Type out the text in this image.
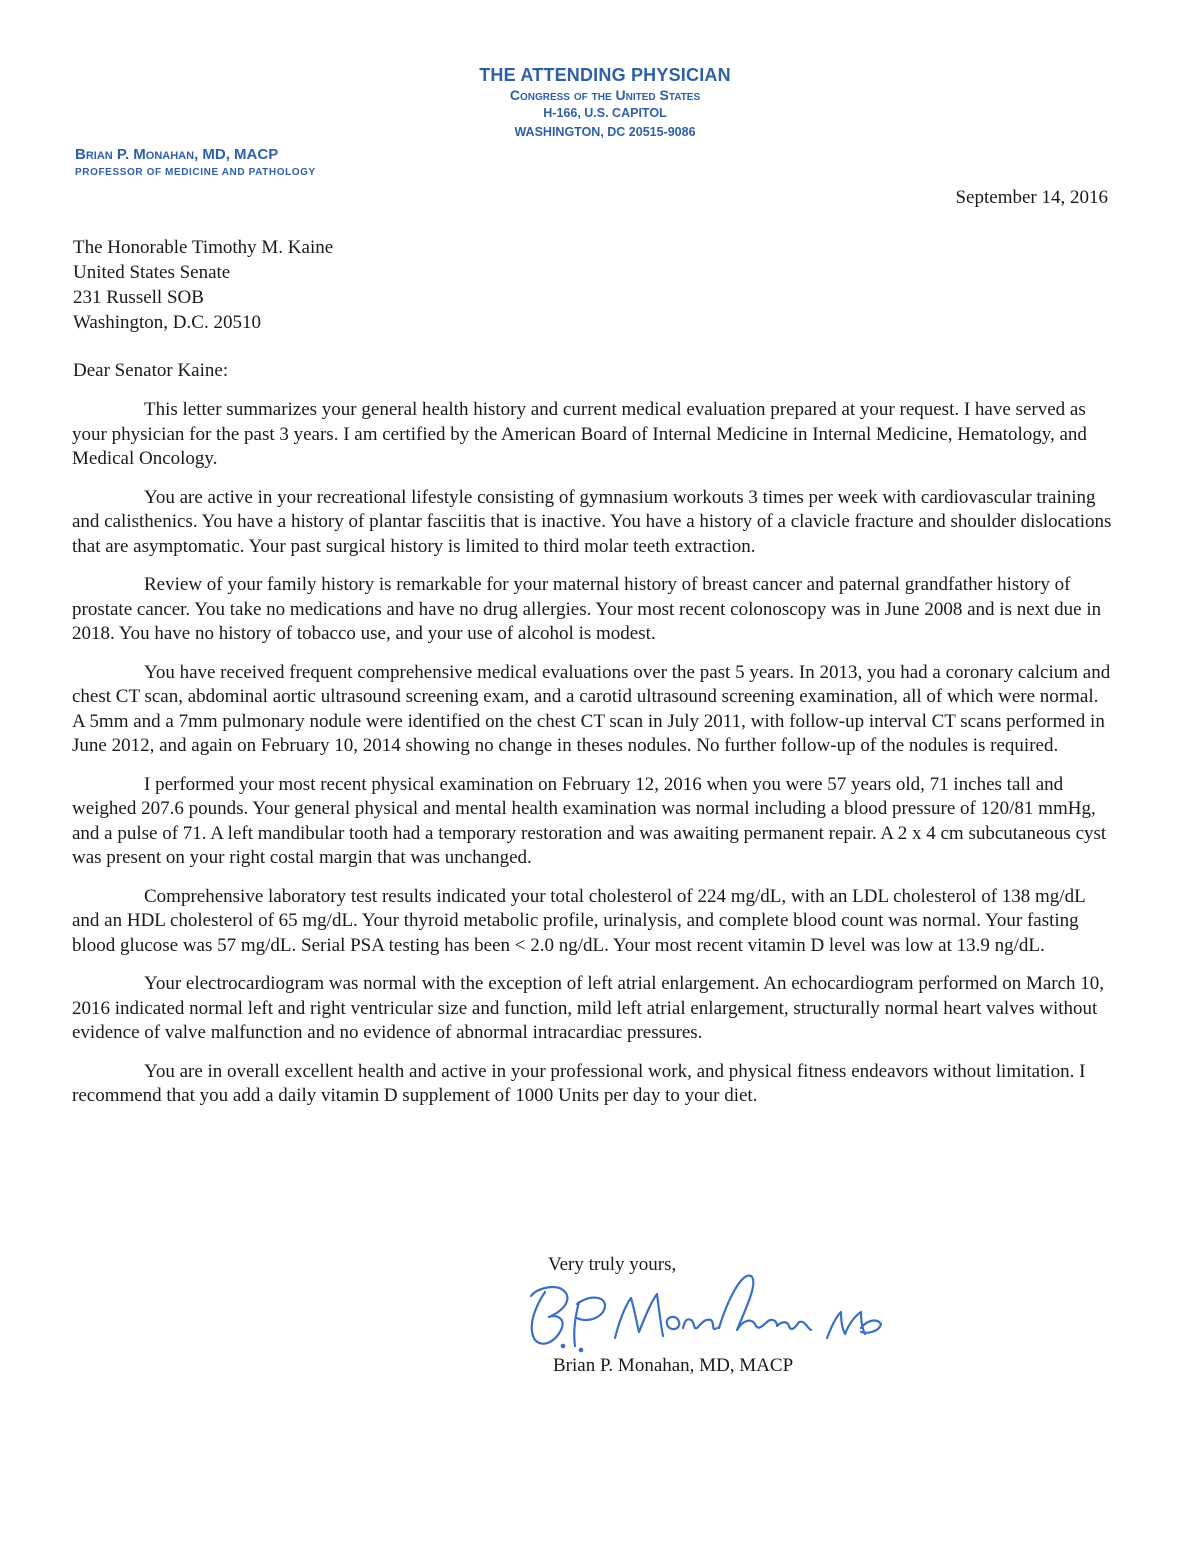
THE ATTENDING PHYSICIAN
Congress of the United States
H-166, U.S. CAPITOL
WASHINGTON, DC 20515-9086
Brian P. Monahan, MD, MACP
PROFESSOR OF MEDICINE AND PATHOLOGY
September 14, 2016
The Honorable Timothy M. Kaine
United States Senate
231 Russell SOB
Washington, D.C. 20510
Dear Senator Kaine:

This letter summarizes your general health history and current medical evaluation prepared at your request. I have served as your physician for the past 3 years. I am certified by the American Board of Internal Medicine in Internal Medicine, Hematology, and Medical Oncology.

You are active in your recreational lifestyle consisting of gymnasium workouts 3 times per week with cardiovascular training and calisthenics. You have a history of plantar fasciitis that is inactive. You have a history of a clavicle fracture and shoulder dislocations that are asymptomatic. Your past surgical history is limited to third molar teeth extraction.

Review of your family history is remarkable for your maternal history of breast cancer and paternal grandfather history of prostate cancer. You take no medications and have no drug allergies. Your most recent colonoscopy was in June 2008 and is next due in 2018. You have no history of tobacco use, and your use of alcohol is modest.

You have received frequent comprehensive medical evaluations over the past 5 years. In 2013, you had a coronary calcium and chest CT scan, abdominal aortic ultrasound screening exam, and a carotid ultrasound screening examination, all of which were normal. A 5mm and a 7mm pulmonary nodule were identified on the chest CT scan in July 2011, with follow-up interval CT scans performed in June 2012, and again on February 10, 2014 showing no change in theses nodules. No further follow-up of the nodules is required.

I performed your most recent physical examination on February 12, 2016 when you were 57 years old, 71 inches tall and weighed 207.6 pounds. Your general physical and mental health examination was normal including a blood pressure of 120/81 mmHg, and a pulse of 71. A left mandibular tooth had a temporary restoration and was awaiting permanent repair. A 2 x 4 cm subcutaneous cyst was present on your right costal margin that was unchanged.

Comprehensive laboratory test results indicated your total cholesterol of 224 mg/dL, with an LDL cholesterol of 138 mg/dL and an HDL cholesterol of 65 mg/dL. Your thyroid metabolic profile, urinalysis, and complete blood count was normal. Your fasting blood glucose was 57 mg/dL. Serial PSA testing has been < 2.0 ng/dL. Your most recent vitamin D level was low at 13.9 ng/dL.

Your electrocardiogram was normal with the exception of left atrial enlargement. An echocardiogram performed on March 10, 2016 indicated normal left and right ventricular size and function, mild left atrial enlargement, structurally normal heart valves without evidence of valve malfunction and no evidence of abnormal intracardiac pressures.

You are in overall excellent health and active in your professional work, and physical fitness endeavors without limitation. I recommend that you add a daily vitamin D supplement of 1000 Units per day to your diet.

Very truly yours,
Brian P. Monahan, MD, MACP
